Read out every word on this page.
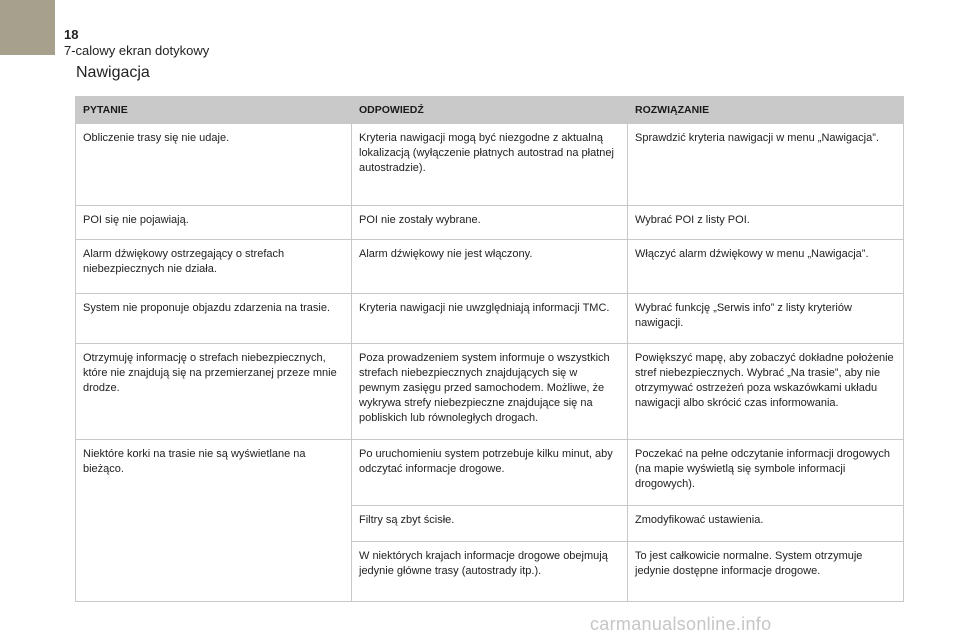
18
7-calowy ekran dotykowy
Nawigacja
PYTANIE	ODPOWIEDŹ	ROZWIĄZANIE
Obliczenie trasy się nie udaje.	Kryteria nawigacji mogą być niezgodne z aktualną lokalizacją (wyłączenie płatnych autostrad na płatnej autostradzie).	Sprawdzić kryteria nawigacji w menu „Nawigacja”.
POI się nie pojawiają.	POI nie zostały wybrane.	Wybrać POI z listy POI.
Alarm dźwiękowy ostrzegający o strefach niebezpiecznych nie działa.	Alarm dźwiękowy nie jest włączony.	Włączyć alarm dźwiękowy w menu „Nawigacja”.
System nie proponuje objazdu zdarzenia na trasie.	Kryteria nawigacji nie uwzględniają informacji TMC.	Wybrać funkcję „Serwis info” z listy kryteriów nawigacji.
Otrzymuję informację o strefach niebezpiecznych, które nie znajdują się na przemierzanej przeze mnie drodze.	Poza prowadzeniem system informuje o wszystkich strefach niebezpiecznych znajdujących się w pewnym zasięgu przed samochodem. Możliwe, że wykrywa strefy niebezpieczne znajdujące się na pobliskich lub równoległych drogach.	Powiększyć mapę, aby zobaczyć dokładne położenie stref niebezpiecznych. Wybrać „Na trasie”, aby nie otrzymywać ostrzeżeń poza wskazówkami układu nawigacji albo skrócić czas informowania.
Niektóre korki na trasie nie są wyświetlane na bieżąco.	Po uruchomieniu system potrzebuje kilku minut, aby odczytać informacje drogowe.	Poczekać na pełne odczytanie informacji drogowych (na mapie wyświetlą się symbole informacji drogowych).
	Filtry są zbyt ścisłe.	Zmodyfikować ustawienia.
	W niektórych krajach informacje drogowe obejmują jedynie główne trasy (autostrady itp.).	To jest całkowicie normalne. System otrzymuje jedynie dostępne informacje drogowe.
carmanualsonline.info
